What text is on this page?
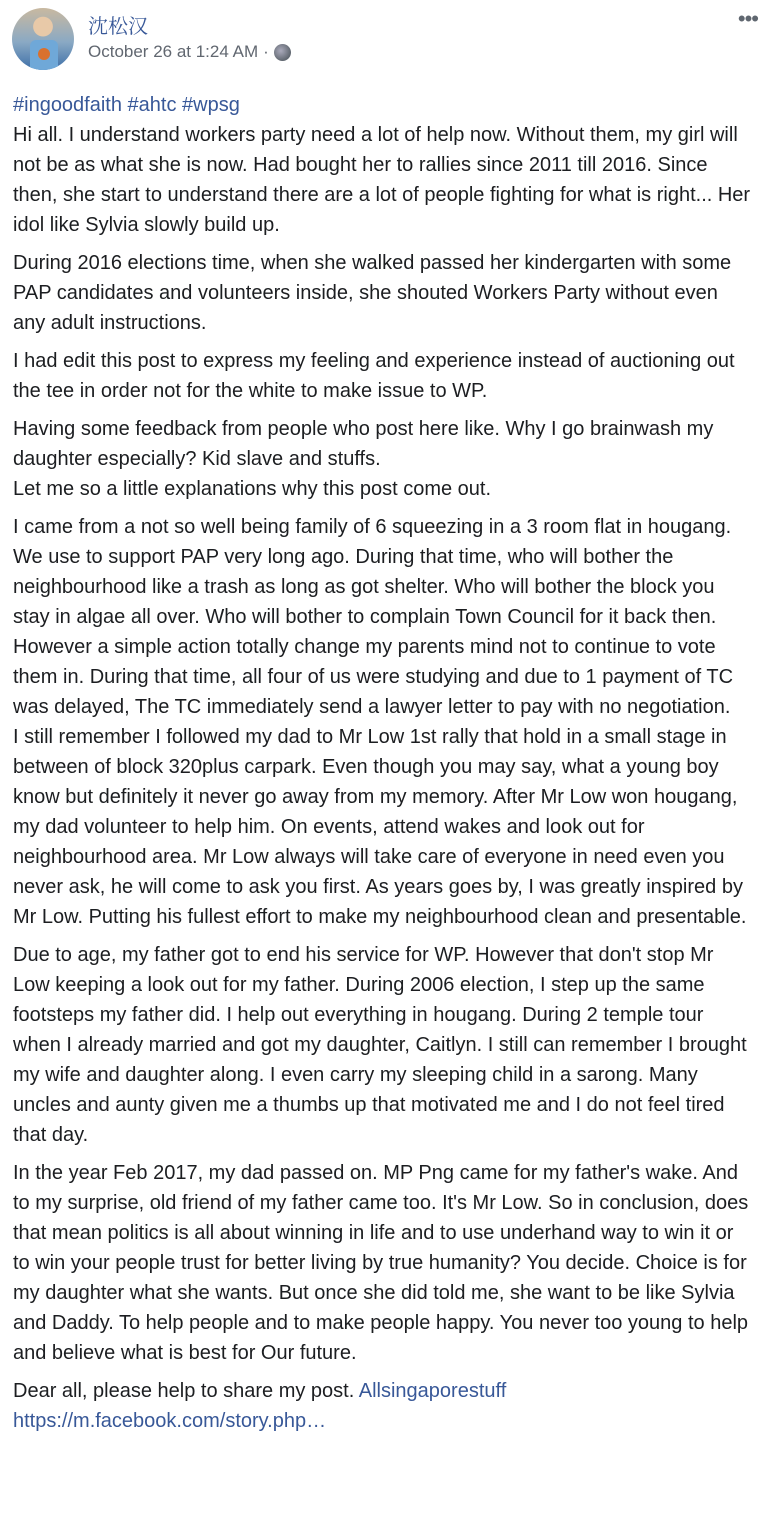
沈松汉
October 26 at 1:24 AM ·
•••

#ingoodfaith #ahtc #wpsg
Hi all. I understand workers party need a lot of help now. Without them, my girl will not be as what she is now. Had bought her to rallies since 2011 till 2016. Since then, she start to understand there are a lot of people fighting for what is right... Her idol like Sylvia slowly build up.

During 2016 elections time, when she walked passed her kindergarten with some PAP candidates and volunteers inside, she shouted Workers Party without even any adult instructions.

I had edit this post to express my feeling and experience instead of auctioning out the tee in order not for the white to make issue to WP.

Having some feedback from people who post here like. Why I go brainwash my daughter especially? Kid slave and stuffs.
Let me so a little explanations why this post come out.

I came from a not so well being family of 6 squeezing in a 3 room flat in hougang. We use to support PAP very long ago. During that time, who will bother the neighbourhood like a trash as long as got shelter. Who will bother the block you stay in algae all over. Who will bother to complain Town Council for it back then. However a simple action totally change my parents mind not to continue to vote them in. During that time, all four of us were studying and due to 1 payment of TC was delayed, The TC immediately send a lawyer letter to pay with no negotiation.
I still remember I followed my dad to Mr Low 1st rally that hold in a small stage in between of block 320plus carpark. Even though you may say, what a young boy know but definitely it never go away from my memory. After Mr Low won hougang, my dad volunteer to help him. On events, attend wakes and look out for neighbourhood area. Mr Low always will take care of everyone in need even you never ask, he will come to ask you first. As years goes by, I was greatly inspired by Mr Low. Putting his fullest effort to make my neighbourhood clean and presentable.

Due to age, my father got to end his service for WP. However that don't stop Mr Low keeping a look out for my father. During 2006 election, I step up the same footsteps my father did. I help out everything in hougang. During 2 temple tour when I already married and got my daughter, Caitlyn. I still can remember I brought my wife and daughter along. I even carry my sleeping child in a sarong. Many uncles and aunty given me a thumbs up that motivated me and I do not feel tired that day.

In the year Feb 2017, my dad passed on. MP Png came for my father's wake. And to my surprise, old friend of my father came too. It's Mr Low. So in conclusion, does that mean politics is all about winning in life and to use underhand way to win it or to win your people trust for better living by true humanity? You decide. Choice is for my daughter what she wants. But once she did told me, she want to be like Sylvia and Daddy. To help people and to make people happy. You never too young to help and believe what is best for Our future.

Dear all, please help to share my post. Allsingaporestuff
https://m.facebook.com/story.php…
